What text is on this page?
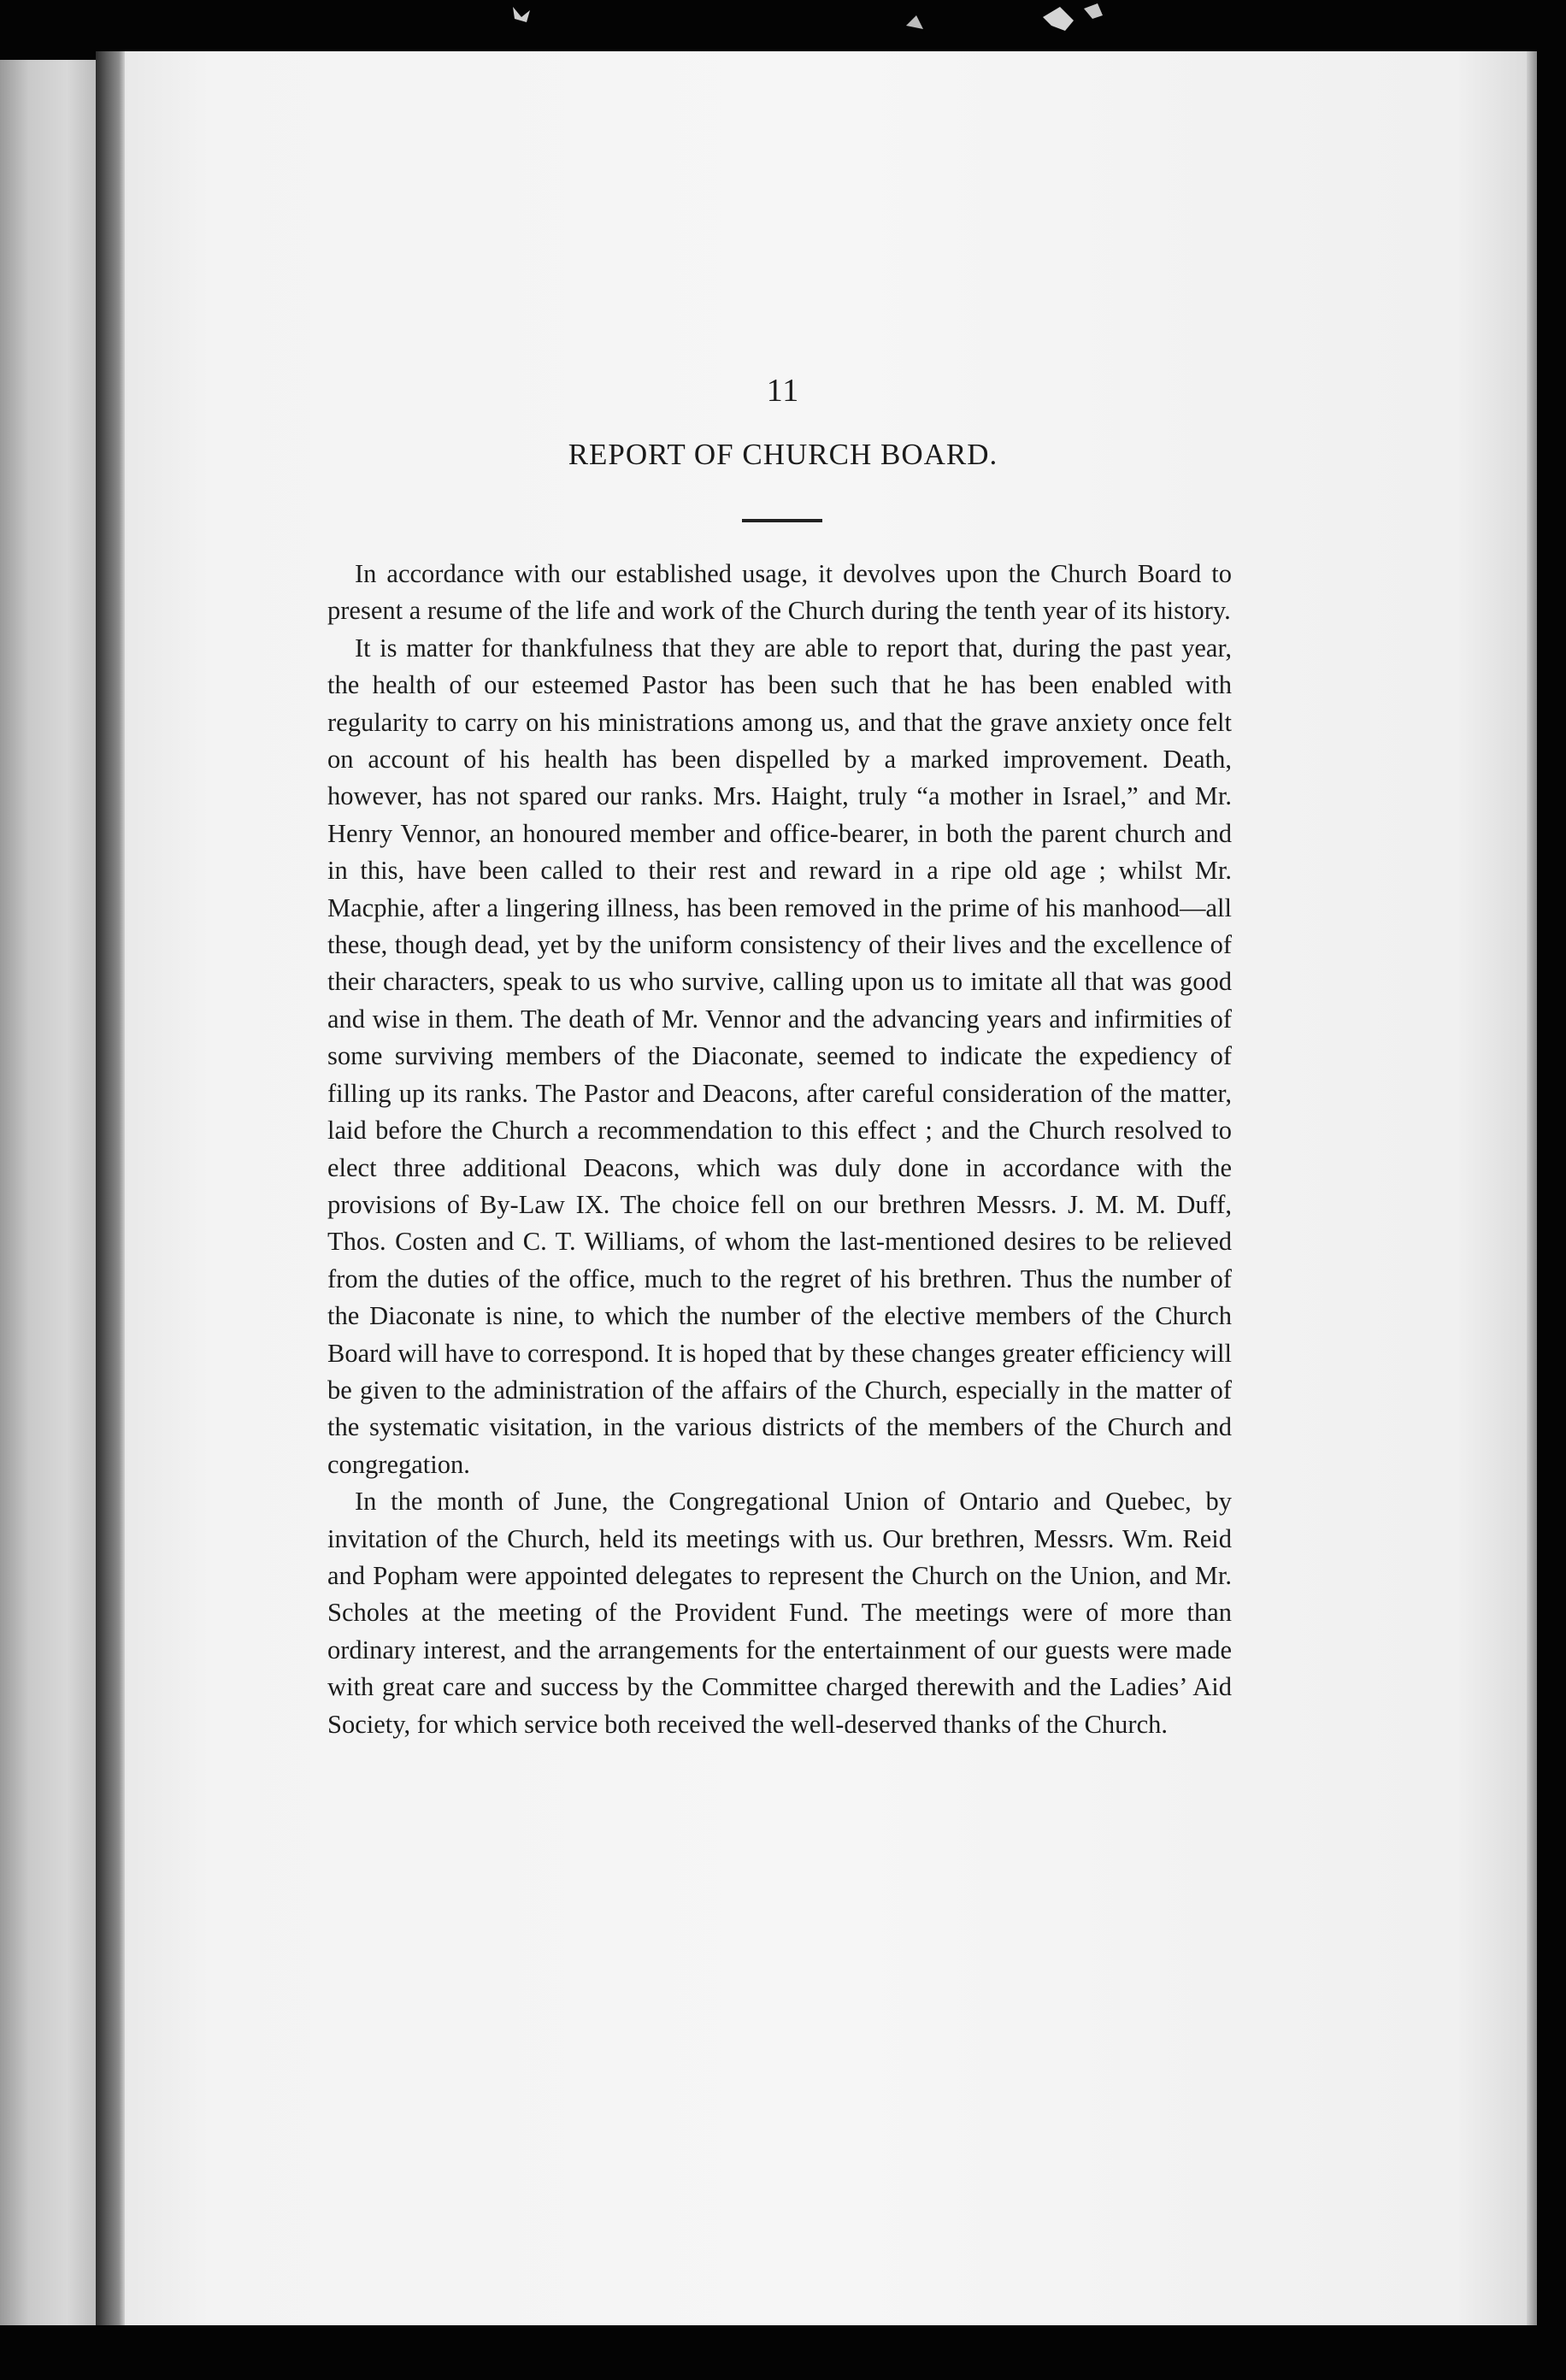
11
REPORT OF CHURCH BOARD.

In accordance with our established usage, it devolves upon the Church Board to present a resume of the life and work of the Church during the tenth year of its history.

It is matter for thankfulness that they are able to report that, during the past year, the health of our esteemed Pastor has been such that he has been enabled with regularity to carry on his ministrations among us, and that the grave anxiety once felt on account of his health has been dispelled by a marked improvement. Death, however, has not spared our ranks. Mrs. Haight, truly “a mother in Israel,” and Mr. Henry Vennor, an honoured member and office-bearer, in both the parent church and in this, have been called to their rest and reward in a ripe old age ; whilst Mr. Macphie, after a lingering illness, has been removed in the prime of his manhood—all these, though dead, yet by the uniform consistency of their lives and the excellence of their characters, speak to us who survive, calling upon us to imitate all that was good and wise in them. The death of Mr. Vennor and the advancing years and infirmities of some surviving members of the Diaconate, seemed to indicate the expediency of filling up its ranks. The Pastor and Deacons, after careful consideration of the matter, laid before the Church a recommendation to this effect ; and the Church resolved to elect three additional Deacons, which was duly done in accordance with the provisions of By-Law IX. The choice fell on our brethren Messrs. J. M. M. Duff, Thos. Costen and C. T. Williams, of whom the last-mentioned desires to be relieved from the duties of the office, much to the regret of his brethren. Thus the number of the Diaconate is nine, to which the number of the elective members of the Church Board will have to correspond. It is hoped that by these changes greater efficiency will be given to the administration of the affairs of the Church, especially in the matter of the systematic visitation, in the various districts of the members of the Church and congregation.

In the month of June, the Congregational Union of Ontario and Quebec, by invitation of the Church, held its meetings with us. Our brethren, Messrs. Wm. Reid and Popham were appointed delegates to represent the Church on the Union, and Mr. Scholes at the meeting of the Provident Fund. The meetings were of more than ordinary interest, and the arrangements for the entertainment of our guests were made with great care and success by the Committee charged therewith and the Ladies’ Aid Society, for which service both received the well-deserved thanks of the Church.
